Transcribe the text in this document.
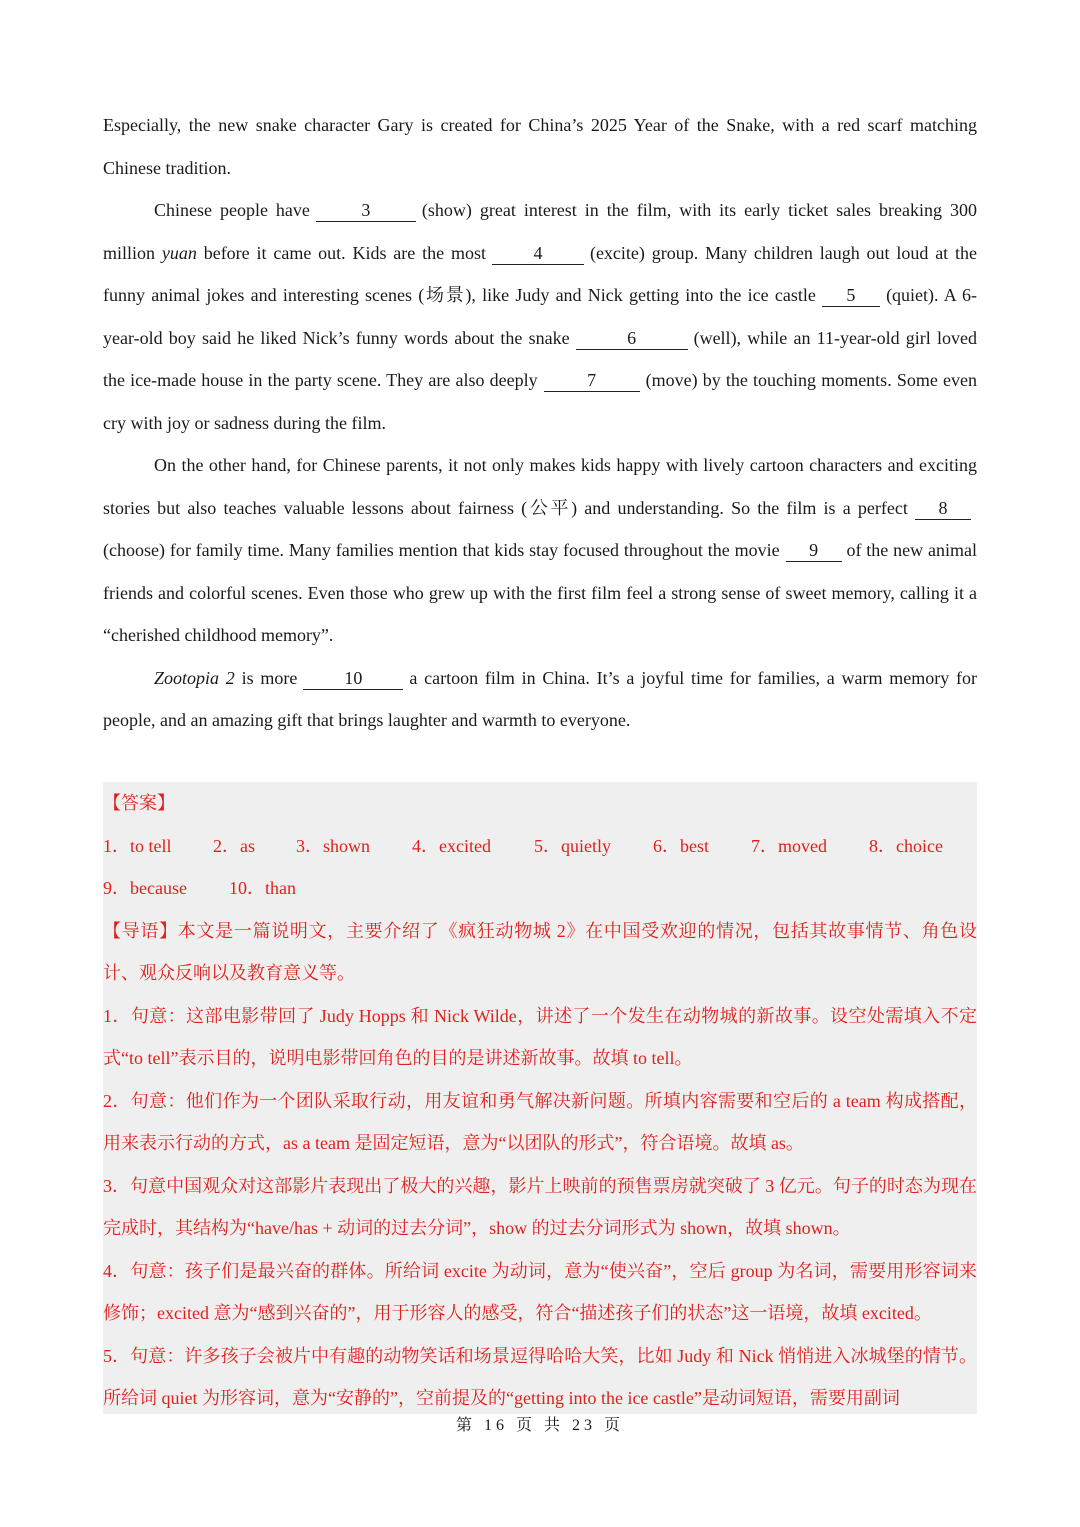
Especially, the new snake character Gary is created for China’s 2025 Year of the Snake, with a red scarf matching Chinese tradition.

Chinese people have	3	(show) great interest in the film, with its early ticket sales breaking 300 million yuan before it came out. Kids are the most	4	(excite) group. Many children laugh out loud at the funny animal jokes and interesting scenes (场景), like Judy and Nick getting into the ice castle 5 (quiet). A 6-year-old boy said he liked Nick’s funny words about the snake	6	(well), while an 11-year-old girl loved the ice-made house in the party scene. They are also deeply	7	(move) by the touching moments. Some even cry with joy or sadness during the film.

On the other hand, for Chinese parents, it not only makes kids happy with lively cartoon characters and exciting stories but also teaches valuable lessons about fairness (公平) and understanding. So the film is a perfect 8(choose) for family time. Many families mention that kids stay focused throughout the movie 9 of the new animal friends and colorful scenes. Even those who grew up with the first film feel a strong sense of sweet memory, calling it a “cherished childhood memory”.

Zootopia 2 is more	10	a cartoon film in China. It’s a joyful time for families, a warm memory for people, and an amazing gift that brings laughter and warmth to everyone.

【答案】

1．to tell	2．as	3．shown	4．excited	5．quietly	6．best	7．moved	8．choice
9．because	10．than

【导语】本文是一篇说明文，主要介绍了《疯狂动物城 2》在中国受欢迎的情况，包括其故事情节、角色设计、观众反响以及教育意义等。

1．句意：这部电影带回了 Judy Hopps 和 Nick Wilde，讲述了一个发生在动物城的新故事。设空处需填入不定式“to tell”表示目的，说明电影带回角色的目的是讲述新故事。故填 to tell。

2．句意：他们作为一个团队采取行动，用友谊和勇气解决新问题。所填内容需要和空后的 a team 构成搭配，用来表示行动的方式，as a team 是固定短语，意为“以团队的形式”，符合语境。故填 as。

3．句意中国观众对这部影片表现出了极大的兴趣，影片上映前的预售票房就突破了 3 亿元。句子的时态为现在完成时，其结构为“have/has + 动词的过去分词”，show 的过去分词形式为 shown，故填 shown。

4．句意：孩子们是最兴奋的群体。所给词 excite 为动词，意为“使兴奋”，空后 group 为名词，需要用形容词来修饰；excited 意为“感到兴奋的”，用于形容人的感受，符合“描述孩子们的状态”这一语境，故填 excited。

5．句意：许多孩子会被片中有趣的动物笑话和场景逗得哈哈大笑，比如 Judy 和 Nick 悄悄进入冰城堡的情节。所给词 quiet 为形容词，意为“安静的”，空前提及的“getting into the ice castle”是动词短语，需要用副词

第 16 页 共 23 页
